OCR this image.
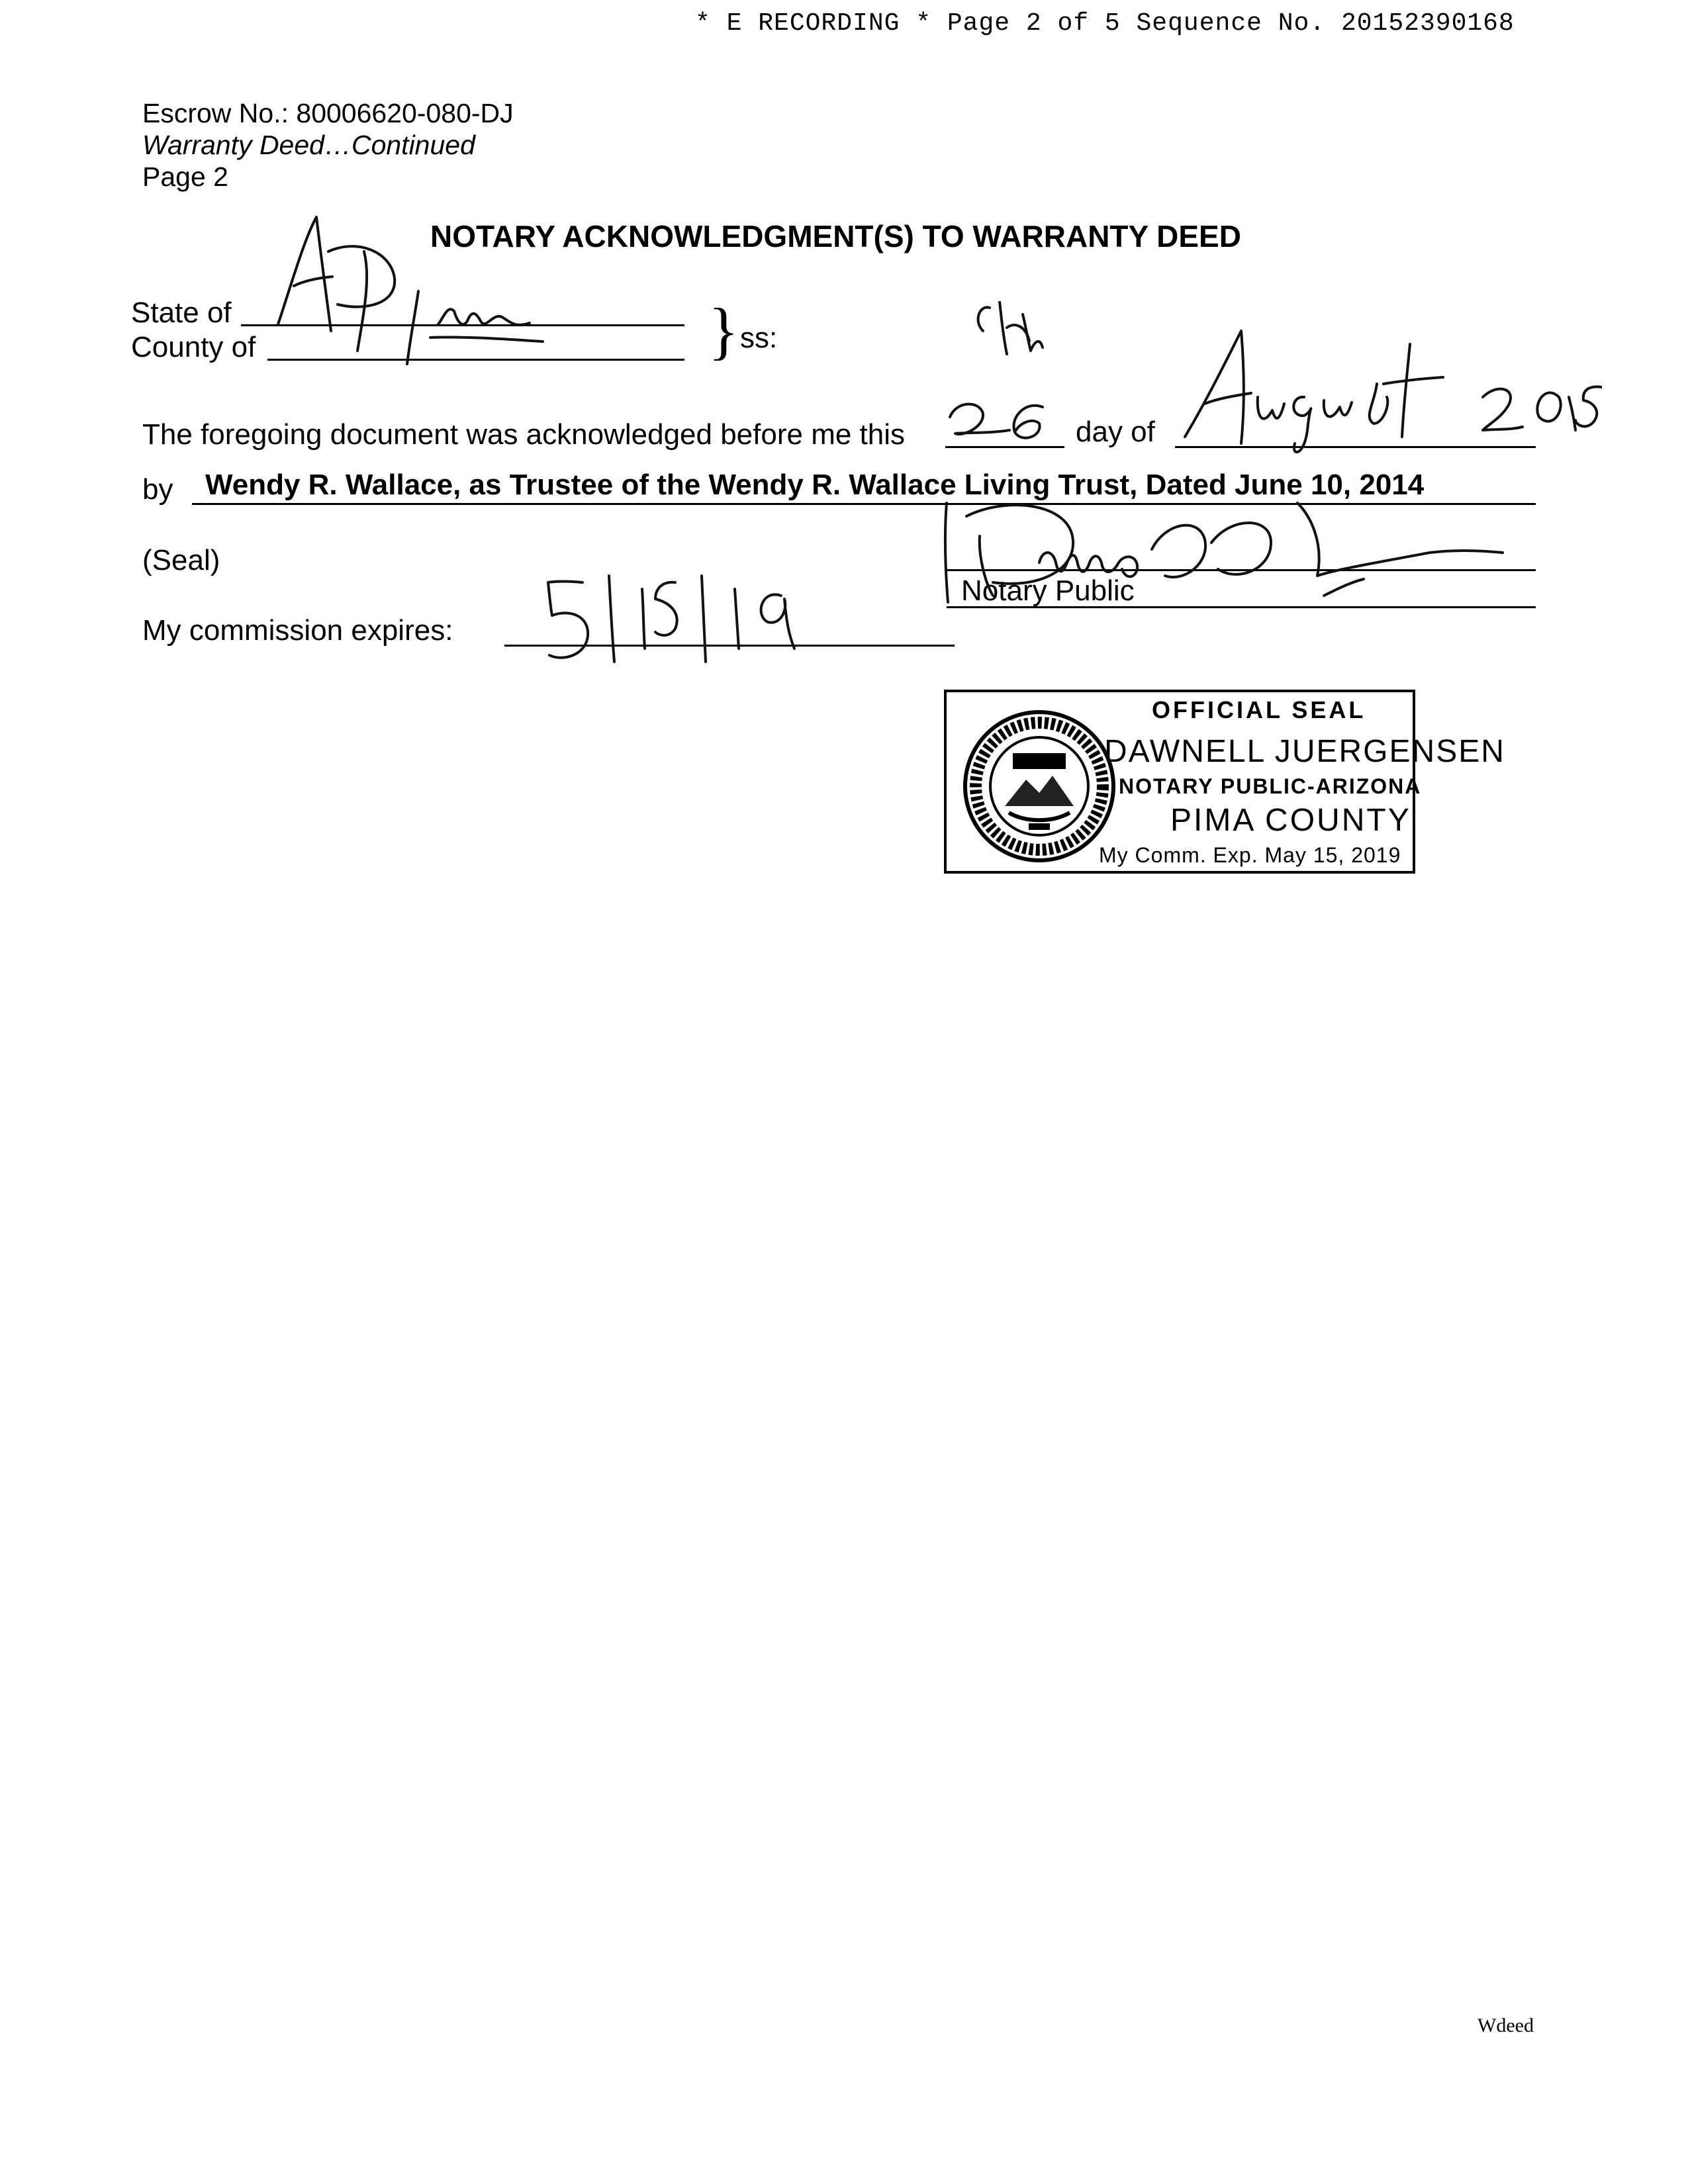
* E RECORDING * Page 2 of 5 Sequence No. 20152390168
Escrow No.: 80006620-080-DJ
Warranty Deed…Continued
Page 2
NOTARY ACKNOWLEDGMENT(S) TO WARRANTY DEED
State of
County of	} ss:
The foregoing document was acknowledged before me this	day of
by Wendy R. Wallace, as Trustee of the Wendy R. Wallace Living Trust, Dated June 10, 2014
(Seal)
Notary Public
My commission expires:
OFFICIAL SEAL
DAWNELL JUERGENSEN
NOTARY PUBLIC-ARIZONA
PIMA COUNTY
My Comm. Exp. May 15, 2019
Wdeed
